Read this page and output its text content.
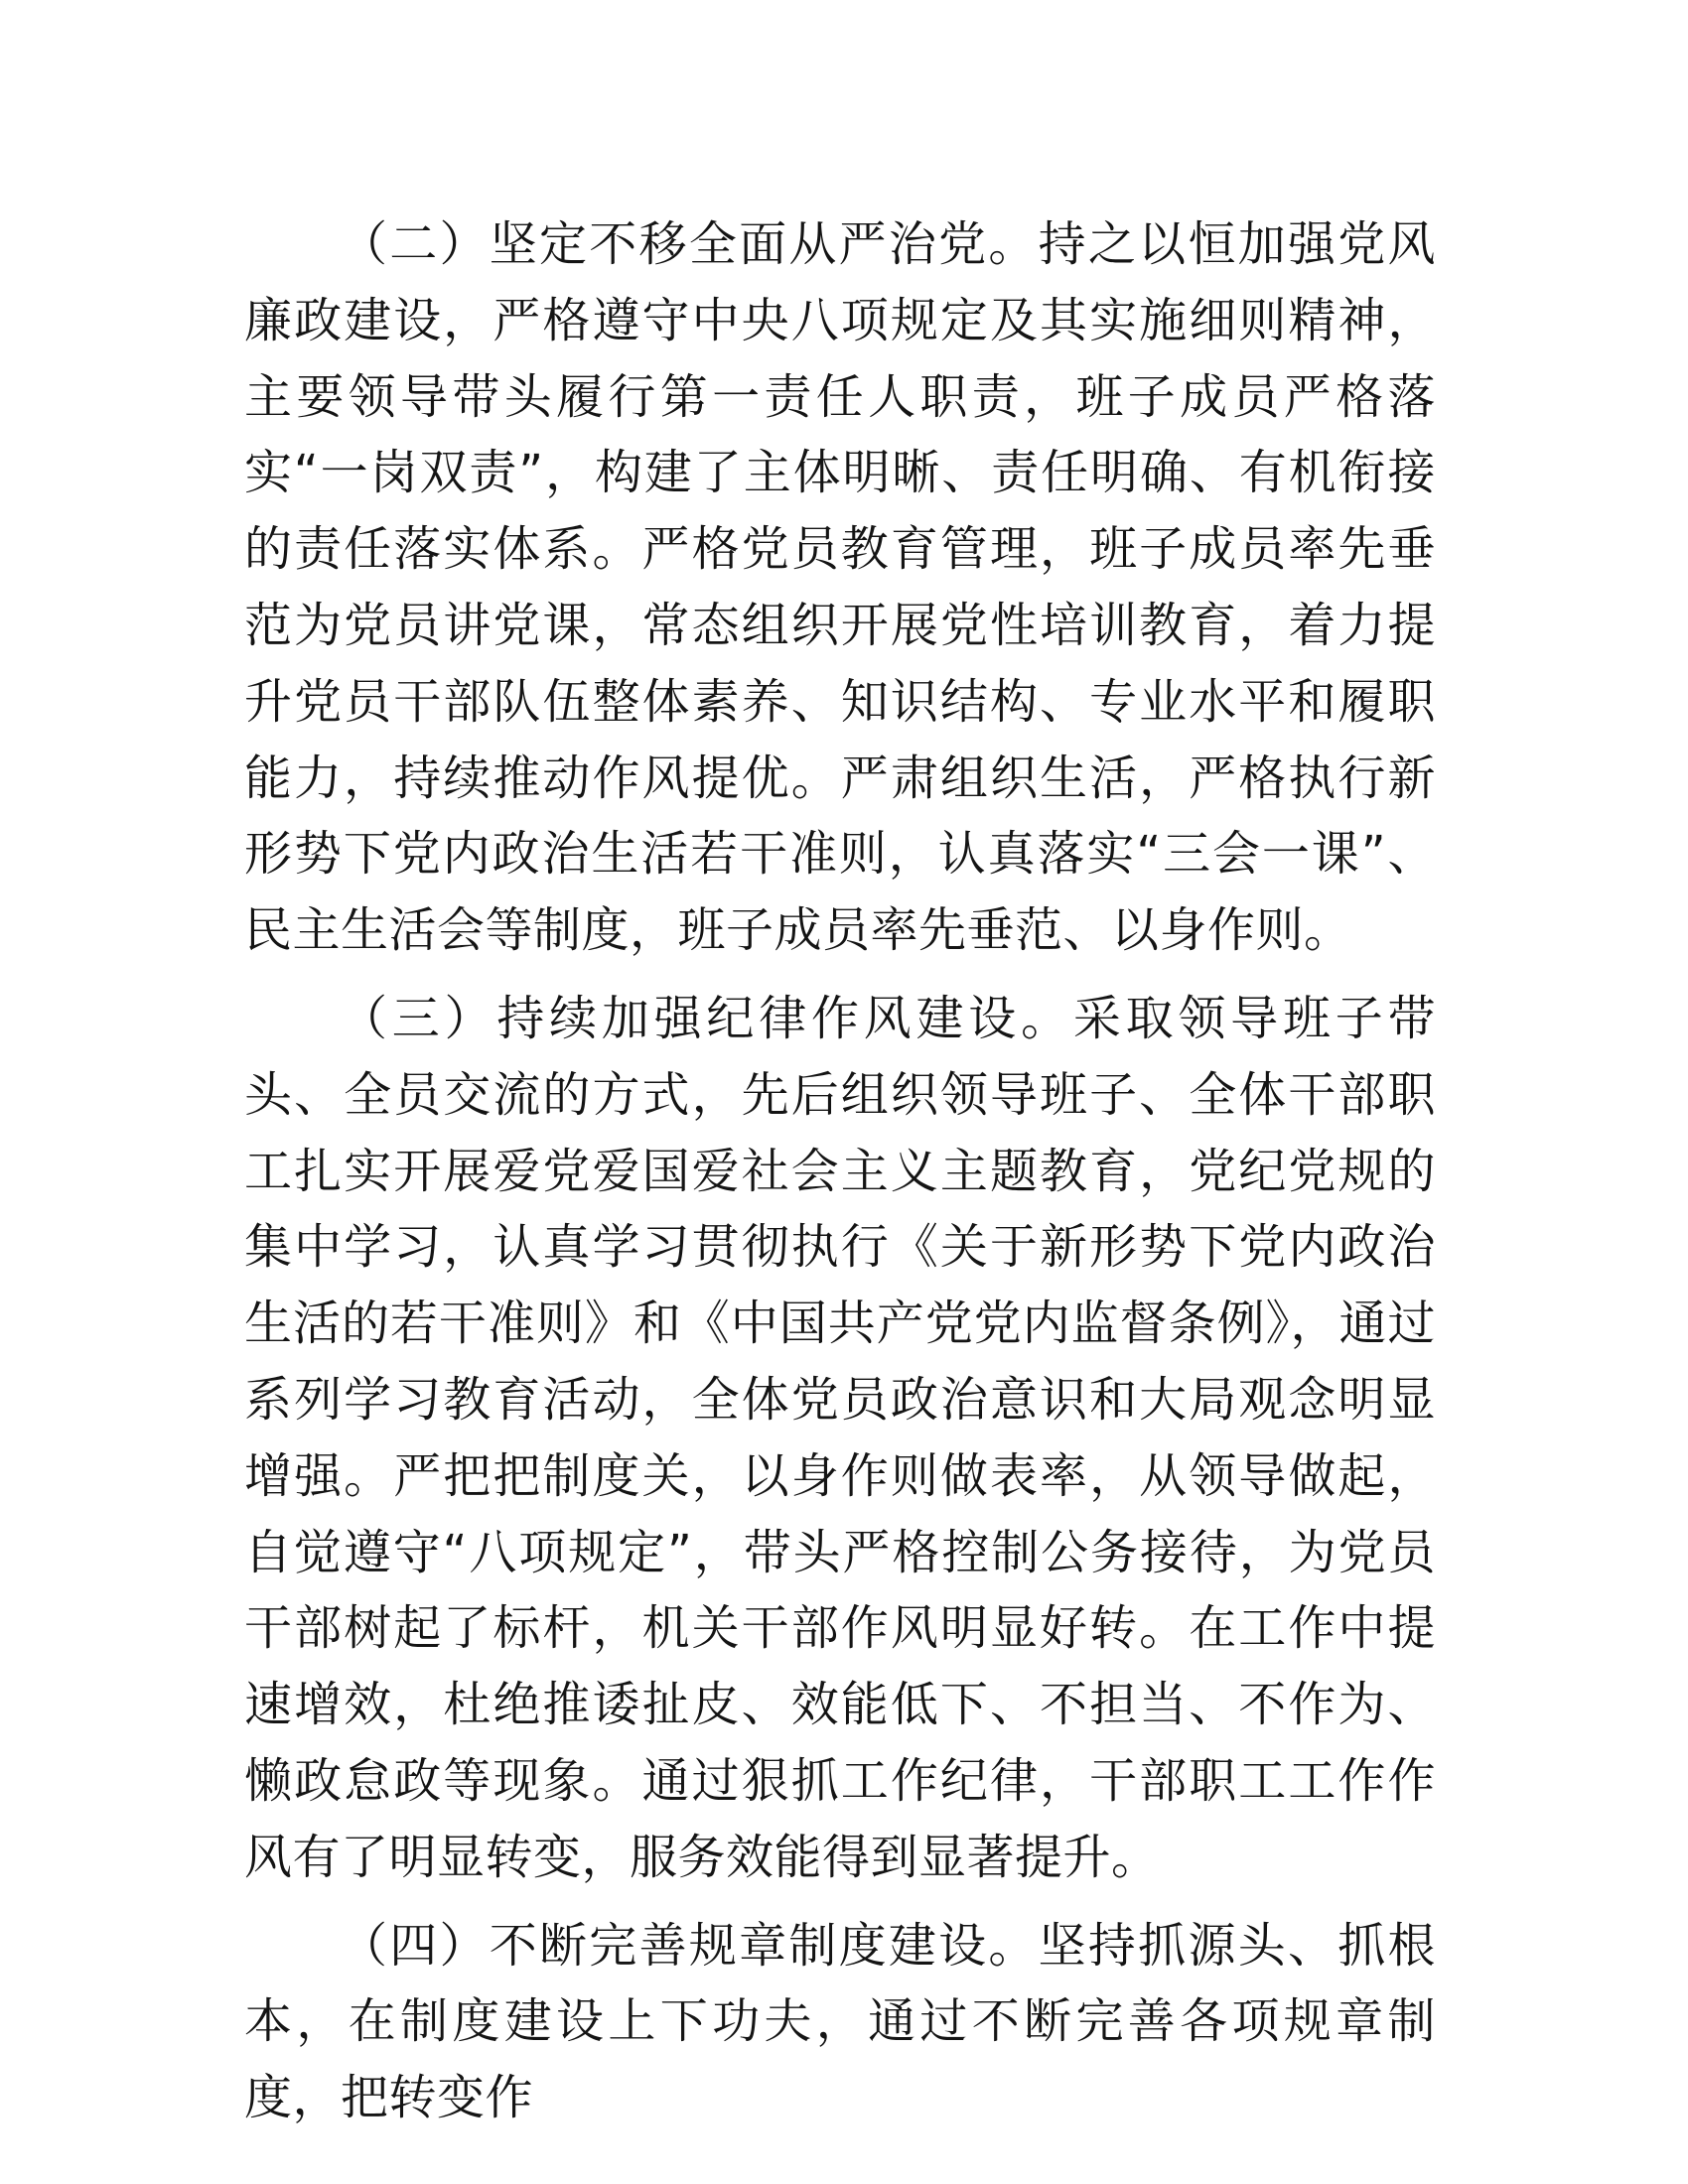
（二）坚定不移全面从严治党。持之以恒加强党风廉政建设，严格遵守中央八项规定及其实施细则精神，主要领导带头履行第一责任人职责，班子成员严格落实“一岗双责”，构建了主体明晰、责任明确、有机衔接的责任落实体系。严格党员教育管理，班子成员率先垂范为党员讲党课，常态组织开展党性培训教育，着力提升党员干部队伍整体素养、知识结构、专业水平和履职能力，持续推动作风提优。严肃组织生活，严格执行新形势下党内政治生活若干准则，认真落实“三会一课”、民主生活会等制度，班子成员率先垂范、以身作则。

（三）持续加强纪律作风建设。采取领导班子带头、全员交流的方式，先后组织领导班子、全体干部职工扎实开展爱党爱国爱社会主义主题教育，党纪党规的集中学习，认真学习贯彻执行《关于新形势下党内政治生活的若干准则》和《中国共产党党内监督条例》，通过系列学习教育活动，全体党员政治意识和大局观念明显增强。严把把制度关，以身作则做表率，从领导做起，自觉遵守“八项规定”，带头严格控制公务接待，为党员干部树起了标杆，机关干部作风明显好转。在工作中提速增效，杜绝推诿扯皮、效能低下、不担当、不作为、懒政怠政等现象。通过狠抓工作纪律，干部职工工作作风有了明显转变，服务效能得到显著提升。

（四）不断完善规章制度建设。坚持抓源头、抓根本，在制度建设上下功夫，通过不断完善各项规章制度，把转变作
